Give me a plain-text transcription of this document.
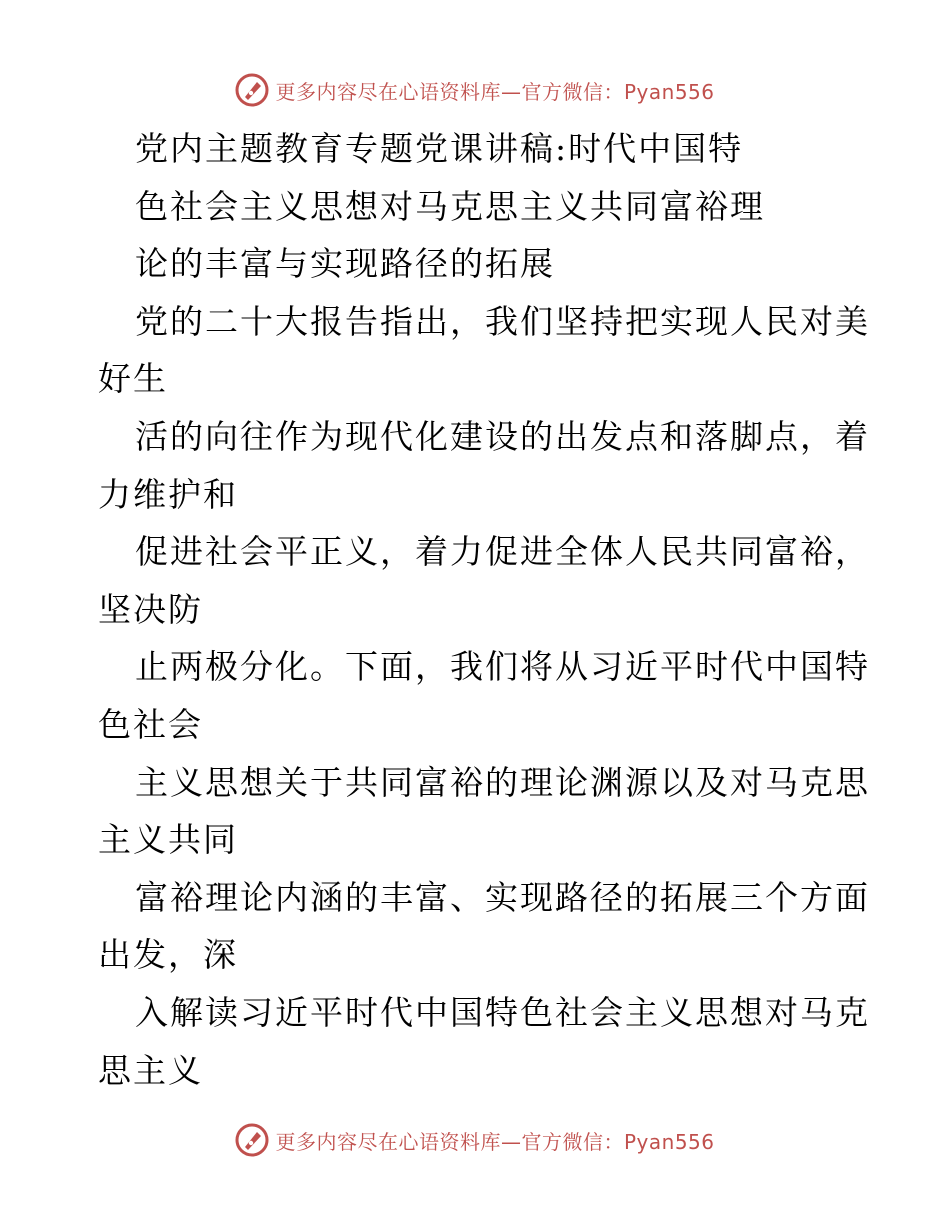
更多内容尽在心语资料库—官方微信：Pyan556
党内主题教育专题党课讲稿:时代中国特
色社会主义思想对马克思主义共同富裕理
论的丰富与实现路径的拓展
党的二十大报告指出，我们坚持把实现人民对美
好生
活的向往作为现代化建设的出发点和落脚点，着
力维护和
促进社会平正义，着力促进全体人民共同富裕，
坚决防
止两极分化。下面，我们将从习近平时代中国特
色社会
主义思想关于共同富裕的理论渊源以及对马克思
主义共同
富裕理论内涵的丰富、实现路径的拓展三个方面
出发，深
入解读习近平时代中国特色社会主义思想对马克
思主义
更多内容尽在心语资料库—官方微信：Pyan556
